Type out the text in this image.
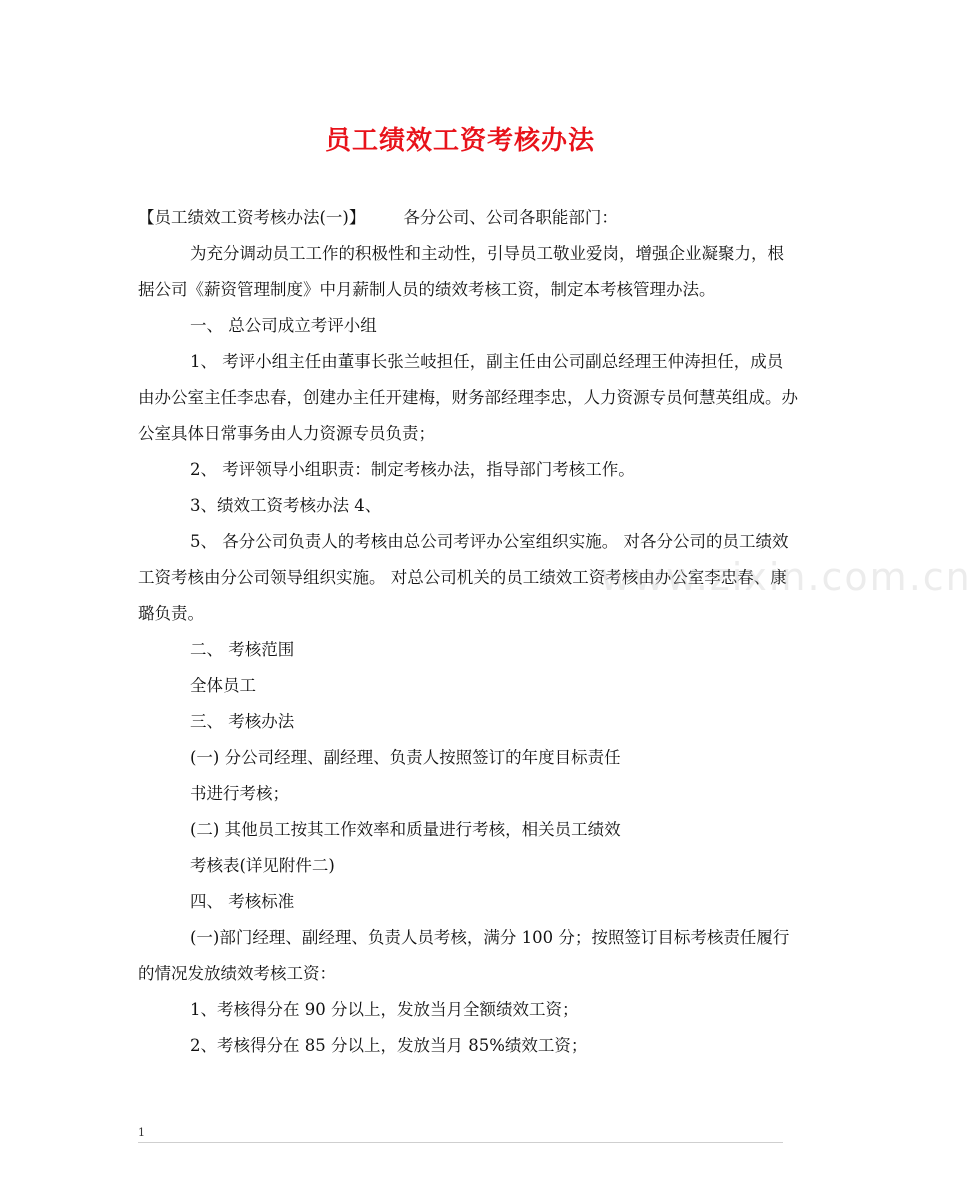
员工绩效工资考核办法

【员工绩效工资考核办法(一)】 各分公司、公司各职能部门：

为充分调动员工工作的积极性和主动性，引导员工敬业爱岗，增强企业凝聚力，根据公司《薪资管理制度》中月薪制人员的绩效考核工资，制定本考核管理办法。

一、 总公司成立考评小组

1、 考评小组主任由董事长张兰岐担任，副主任由公司副总经理王仲涛担任，成员由办公室主任李忠春，创建办主任开建梅，财务部经理李忠，人力资源专员何慧英组成。办公室具体日常事务由人力资源专员负责；

2、 考评领导小组职责：制定考核办法，指导部门考核工作。

3、绩效工资考核办法 4、

5、 各分公司负责人的考核由总公司考评办公室组织实施。 对各分公司的员工绩效工资考核由分公司领导组织实施。 对总公司机关的员工绩效工资考核由办公室李忠春、康璐负责。

二、 考核范围

全体员工

三、 考核办法

(一) 分公司经理、副经理、负责人按照签订的年度目标责任

书进行考核；

(二) 其他员工按其工作效率和质量进行考核，相关员工绩效

考核表(详见附件二)

四、 考核标准

(一)部门经理、副经理、负责人员考核，满分 100 分；按照签订目标考核责任履行的情况发放绩效考核工资：

1、考核得分在 90 分以上，发放当月全额绩效工资；

2、考核得分在 85 分以上，发放当月 85%绩效工资；

www.zixin.com.cn
1
